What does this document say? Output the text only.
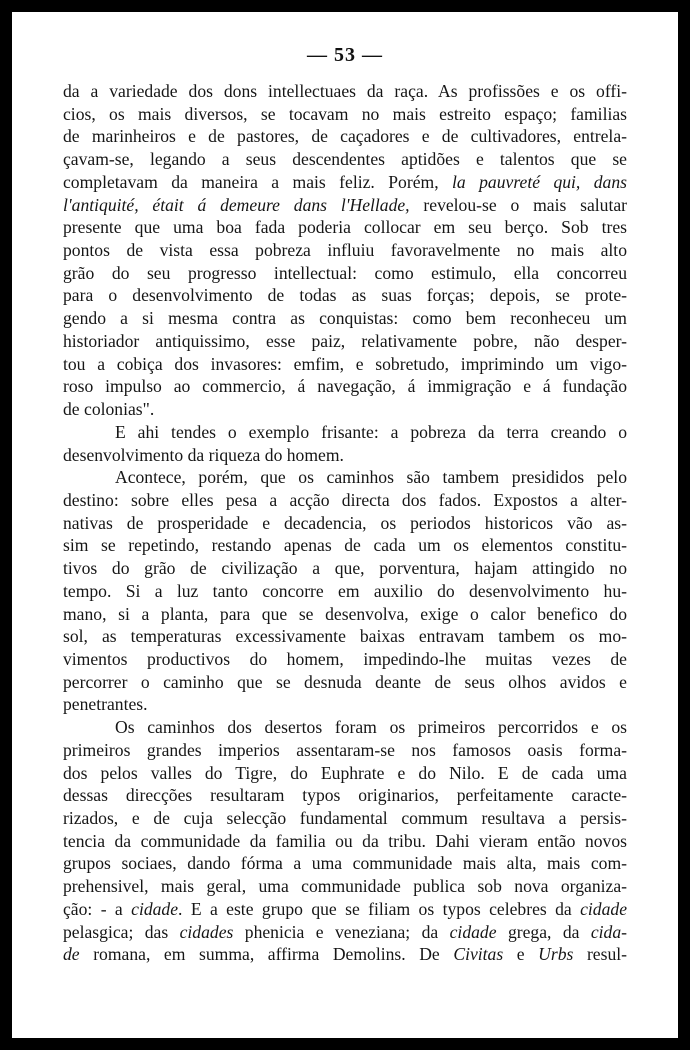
— 53 —

da a variedade dos dons intellectuaes da raça. As profissões e os offi-
cios, os mais diversos, se tocavam no mais estreito espaço; familias
de marinheiros e de pastores, de caçadores e de cultivadores, entrela-
çavam-se, legando a seus descendentes aptidões e talentos que se
completavam da maneira a mais feliz. Porém, la pauvreté qui, dans
l'antiquité, était á demeure dans l'Hellade, revelou-se o mais salutar
presente que uma boa fada poderia collocar em seu berço. Sob tres
pontos de vista essa pobreza influiu favoravelmente no mais alto
grão do seu progresso intellectual: como estimulo, ella concorreu
para o desenvolvimento de todas as suas forças; depois, se prote-
gendo a si mesma contra as conquistas: como bem reconheceu um
historiador antiquissimo, esse paiz, relativamente pobre, não desper-
tou a cobiça dos invasores: emfim, e sobretudo, imprimindo um vigo-
roso impulso ao commercio, á navegação, á immigração e á fundação
de colonias".

E ahi tendes o exemplo frisante: a pobreza da terra creando o
desenvolvimento da riqueza do homem.

Acontece, porém, que os caminhos são tambem presididos pelo
destino: sobre elles pesa a acção directa dos fados. Expostos a alter-
nativas de prosperidade e decadencia, os periodos historicos vão as-
sim se repetindo, restando apenas de cada um os elementos constitu-
tivos do grão de civilização a que, porventura, hajam attingido no
tempo. Si a luz tanto concorre em auxilio do desenvolvimento hu-
mano, si a planta, para que se desenvolva, exige o calor benefico do
sol, as temperaturas excessivamente baixas entravam tambem os mo-
vimentos productivos do homem, impedindo-lhe muitas vezes de
percorrer o caminho que se desnuda deante de seus olhos avidos e
penetrantes.

Os caminhos dos desertos foram os primeiros percorridos e os
primeiros grandes imperios assentaram-se nos famosos oasis forma-
dos pelos valles do Tigre, do Euphrate e do Nilo. E de cada uma
dessas direcções resultaram typos originarios, perfeitamente caracte-
rizados, e de cuja selecção fundamental commum resultava a persis-
tencia da communidade da familia ou da tribu. Dahi vieram então novos
grupos sociaes, dando fórma a uma communidade mais alta, mais com-
prehensivel, mais geral, uma communidade publica sob nova organiza-
ção: - a cidade. E a este grupo que se filiam os typos celebres da cidade
pelasgica; das cidades phenicia e veneziana; da cidade grega, da cida-
de romana, em summa, affirma Demolins. De Civitas e Urbs resul-
